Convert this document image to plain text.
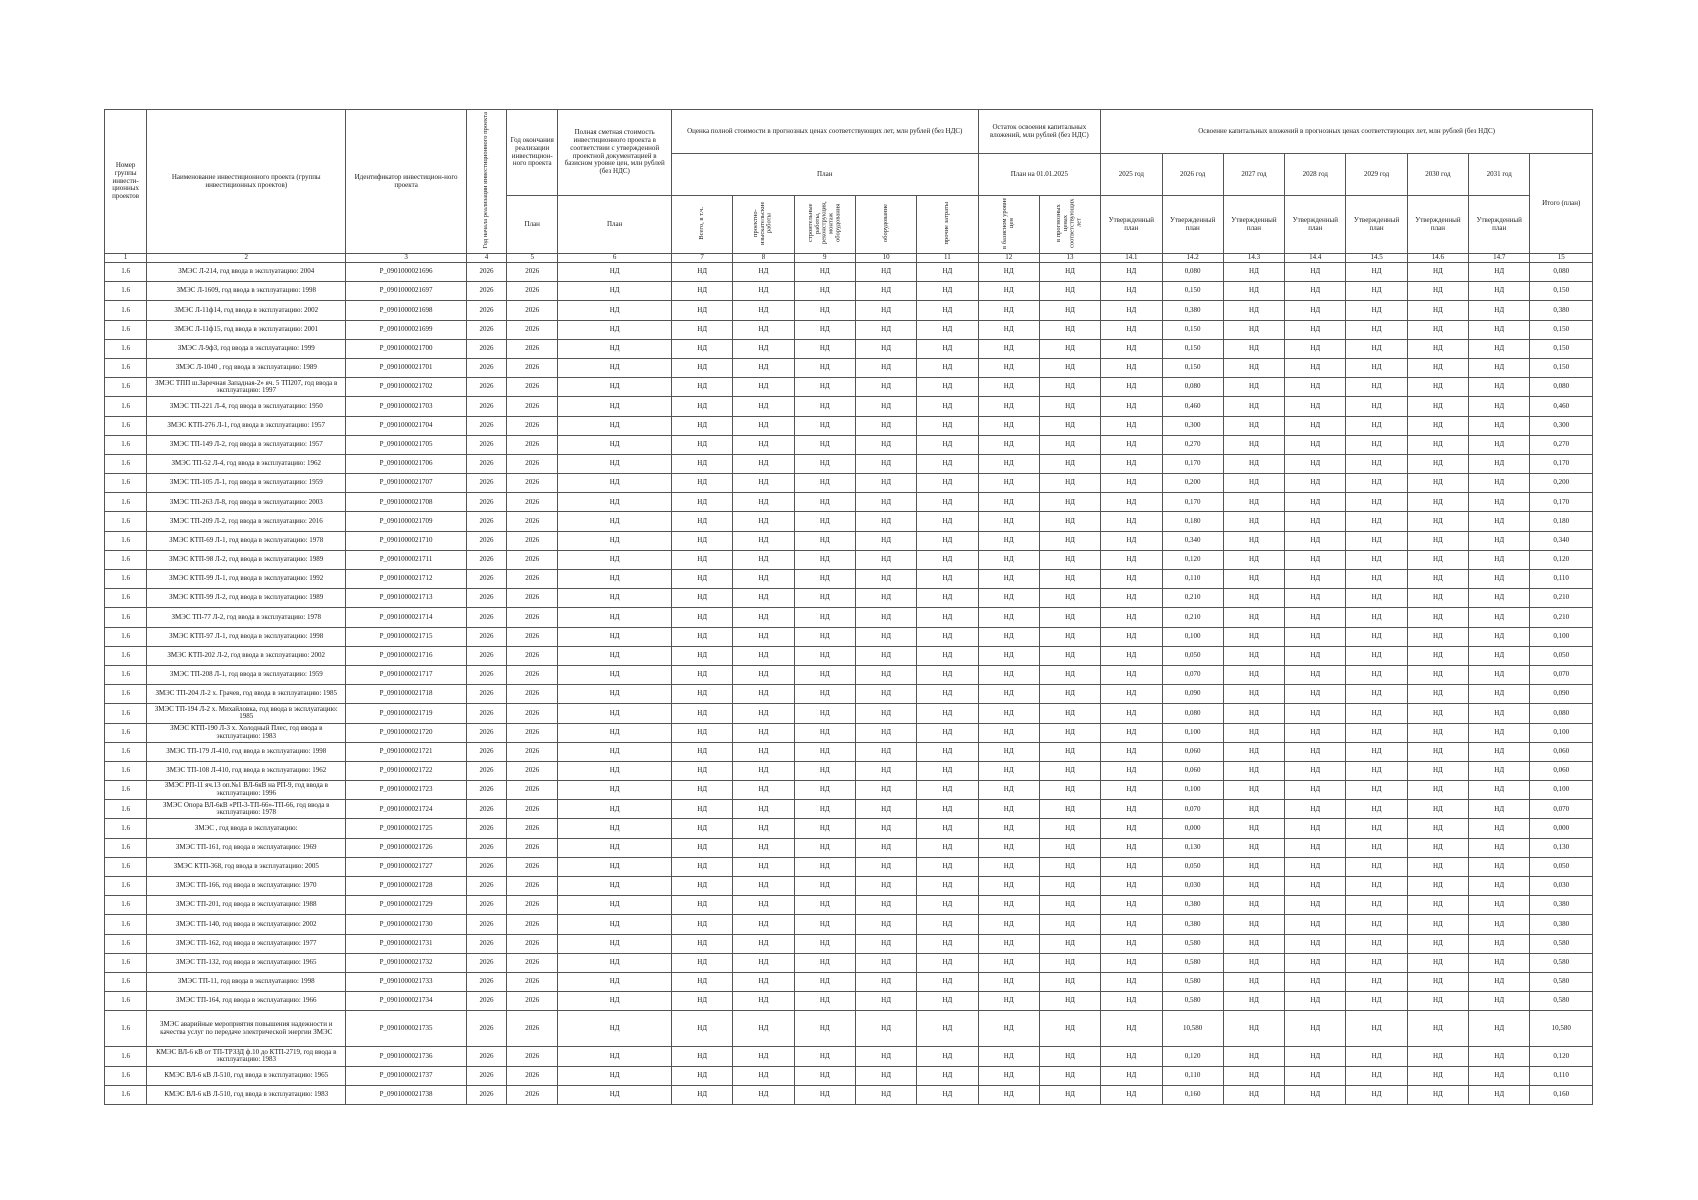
Номер группы инвести-ционных проектов	Наименование инвестиционного проекта (группы инвестиционных проектов)	Идентификатор инвестицион-ного проекта	Год начала реализации инвестиционного проекта	Год окончания реализации инвестицион-ного проекта	Полная сметная стоимость инвестиционного проекта в соответствии с утвержденной проектной документацией в базисном уровне цен, млн рублей (без НДС)	Оценка полной стоимости в прогнозных ценах соответствующих лет, млн рублей (без НДС)					Остаток освоения капитальных вложений, млн рублей (без НДС)		Освоение капитальных вложений в прогнозных ценах соответствующих лет, млн рублей (без НДС)							
						План					План на 01.01.2025		2025 год	2026 год	2027 год	2028 год	2029 год	2030 год	2031 год	Итого (план)
				План	План	Всего, в т.ч.	проектно-изыскательские работы	строительные работы, реконструкция, монтаж оборудования	оборудование	прочие затраты	в базисном уровне цен	в прогнозных ценах соответствующих лет	Утвержденный план	Утвержденный план	Утвержденный план	Утвержденный план	Утвержденный план	Утвержденный план	Утвержденный план	
1	2	3	4	5	6	7	8	9	10	11	12	13	14.1	14.2	14.3	14.4	14.5	14.6	14.7	15
1.6	ЗМЭС Л-214, год ввода в эксплуатацию: 2004	P_0901000021696	2026	2026	НД	НД	НД	НД	НД	НД	НД	НД	НД	0,080	НД	НД	НД	НД	НД	0,080
1.6	ЗМЭС Л-1609, год ввода в эксплуатацию: 1998	P_0901000021697	2026	2026	НД	НД	НД	НД	НД	НД	НД	НД	НД	0,150	НД	НД	НД	НД	НД	0,150
1.6	ЗМЭС Л-11ф14, год ввода в эксплуатацию: 2002	P_0901000021698	2026	2026	НД	НД	НД	НД	НД	НД	НД	НД	НД	0,380	НД	НД	НД	НД	НД	0,380
1.6	ЗМЭС Л-11ф15, год ввода в эксплуатацию: 2001	P_0901000021699	2026	2026	НД	НД	НД	НД	НД	НД	НД	НД	НД	0,150	НД	НД	НД	НД	НД	0,150
1.6	ЗМЭС Л-9ф3, год ввода в эксплуатацию: 1999	P_0901000021700	2026	2026	НД	НД	НД	НД	НД	НД	НД	НД	НД	0,150	НД	НД	НД	НД	НД	0,150
1.6	ЗМЭС Л-1040 , год ввода в эксплуатацию: 1989	P_0901000021701	2026	2026	НД	НД	НД	НД	НД	НД	НД	НД	НД	0,150	НД	НД	НД	НД	НД	0,150
1.6	ЗМЭС ТПП ш.Заречная Западная-2» яч. 5 ТП207, год ввода в эксплуатацию: 1997	P_0901000021702	2026	2026	НД	НД	НД	НД	НД	НД	НД	НД	НД	0,080	НД	НД	НД	НД	НД	0,080
1.6	ЗМЭС ТП-221 Л-4, год ввода в эксплуатацию: 1950	P_0901000021703	2026	2026	НД	НД	НД	НД	НД	НД	НД	НД	НД	0,460	НД	НД	НД	НД	НД	0,460
1.6	ЗМЭС КТП-276 Л-1, год ввода в эксплуатацию: 1957	P_0901000021704	2026	2026	НД	НД	НД	НД	НД	НД	НД	НД	НД	0,300	НД	НД	НД	НД	НД	0,300
1.6	ЗМЭС ТП-149 Л-2, год ввода в эксплуатацию: 1957	P_0901000021705	2026	2026	НД	НД	НД	НД	НД	НД	НД	НД	НД	0,270	НД	НД	НД	НД	НД	0,270
1.6	ЗМЭС ТП-52 Л-4, год ввода в эксплуатацию: 1962	P_0901000021706	2026	2026	НД	НД	НД	НД	НД	НД	НД	НД	НД	0,170	НД	НД	НД	НД	НД	0,170
1.6	ЗМЭС ТП-105 Л-1, год ввода в эксплуатацию: 1959	P_0901000021707	2026	2026	НД	НД	НД	НД	НД	НД	НД	НД	НД	0,200	НД	НД	НД	НД	НД	0,200
1.6	ЗМЭС ТП-263 Л-8, год ввода в эксплуатацию: 2003	P_0901000021708	2026	2026	НД	НД	НД	НД	НД	НД	НД	НД	НД	0,170	НД	НД	НД	НД	НД	0,170
1.6	ЗМЭС ТП-209 Л-2, год ввода в эксплуатацию: 2016	P_0901000021709	2026	2026	НД	НД	НД	НД	НД	НД	НД	НД	НД	0,180	НД	НД	НД	НД	НД	0,180
1.6	ЗМЭС КТП-69 Л-1, год ввода в эксплуатацию: 1978	P_0901000021710	2026	2026	НД	НД	НД	НД	НД	НД	НД	НД	НД	0,340	НД	НД	НД	НД	НД	0,340
1.6	ЗМЭС КТП-98 Л-2, год ввода в эксплуатацию: 1989	P_0901000021711	2026	2026	НД	НД	НД	НД	НД	НД	НД	НД	НД	0,120	НД	НД	НД	НД	НД	0,120
1.6	ЗМЭС КТП-99 Л-1, год ввода в эксплуатацию: 1992	P_0901000021712	2026	2026	НД	НД	НД	НД	НД	НД	НД	НД	НД	0,110	НД	НД	НД	НД	НД	0,110
1.6	ЗМЭС КТП-99 Л-2, год ввода в эксплуатацию: 1989	P_0901000021713	2026	2026	НД	НД	НД	НД	НД	НД	НД	НД	НД	0,210	НД	НД	НД	НД	НД	0,210
1.6	ЗМЭС ТП-77 Л-2, год ввода в эксплуатацию: 1978	P_0901000021714	2026	2026	НД	НД	НД	НД	НД	НД	НД	НД	НД	0,210	НД	НД	НД	НД	НД	0,210
1.6	ЗМЭС КТП-97 Л-1, год ввода в эксплуатацию: 1998	P_0901000021715	2026	2026	НД	НД	НД	НД	НД	НД	НД	НД	НД	0,100	НД	НД	НД	НД	НД	0,100
1.6	ЗМЭС КТП-202 Л-2, год ввода в эксплуатацию: 2002	P_0901000021716	2026	2026	НД	НД	НД	НД	НД	НД	НД	НД	НД	0,050	НД	НД	НД	НД	НД	0,050
1.6	ЗМЭС ТП-208 Л-1, год ввода в эксплуатацию: 1959	P_0901000021717	2026	2026	НД	НД	НД	НД	НД	НД	НД	НД	НД	0,070	НД	НД	НД	НД	НД	0,070
1.6	ЗМЭС ТП-204 Л-2 х. Грачев, год ввода в эксплуатацию: 1985	P_0901000021718	2026	2026	НД	НД	НД	НД	НД	НД	НД	НД	НД	0,090	НД	НД	НД	НД	НД	0,090
1.6	ЗМЭС ТП-194 Л-2 х. Михайловка, год ввода в эксплуатацию: 1985	P_0901000021719	2026	2026	НД	НД	НД	НД	НД	НД	НД	НД	НД	0,080	НД	НД	НД	НД	НД	0,080
1.6	ЗМЭС КТП-190 Л-3 х. Холодный Плес, год ввода в эксплуатацию: 1983	P_0901000021720	2026	2026	НД	НД	НД	НД	НД	НД	НД	НД	НД	0,100	НД	НД	НД	НД	НД	0,100
1.6	ЗМЭС ТП-179 Л-410, год ввода в эксплуатацию: 1998	P_0901000021721	2026	2026	НД	НД	НД	НД	НД	НД	НД	НД	НД	0,060	НД	НД	НД	НД	НД	0,060
1.6	ЗМЭС ТП-108 Л-410, год ввода в эксплуатацию: 1962	P_0901000021722	2026	2026	НД	НД	НД	НД	НД	НД	НД	НД	НД	0,060	НД	НД	НД	НД	НД	0,060
1.6	ЗМЭС РП-11 яч.13 оп.№1 ВЛ-6кВ на РП-9, год ввода в эксплуатацию: 1996	P_0901000021723	2026	2026	НД	НД	НД	НД	НД	НД	НД	НД	НД	0,100	НД	НД	НД	НД	НД	0,100
1.6	ЗМЭС Опора ВЛ-6кВ «РП-3-ТП-66»-ТП-66, год ввода в эксплуатацию: 1978	P_0901000021724	2026	2026	НД	НД	НД	НД	НД	НД	НД	НД	НД	0,070	НД	НД	НД	НД	НД	0,070
1.6	ЗМЭС , год ввода в эксплуатацию:	P_0901000021725	2026	2026	НД	НД	НД	НД	НД	НД	НД	НД	НД	0,000	НД	НД	НД	НД	НД	0,000
1.6	ЗМЭС ТП-161, год ввода в эксплуатацию: 1969	P_0901000021726	2026	2026	НД	НД	НД	НД	НД	НД	НД	НД	НД	0,130	НД	НД	НД	НД	НД	0,130
1.6	ЗМЭС КТП-368, год ввода в эксплуатацию: 2005	P_0901000021727	2026	2026	НД	НД	НД	НД	НД	НД	НД	НД	НД	0,050	НД	НД	НД	НД	НД	0,050
1.6	ЗМЭС ТП-166, год ввода в эксплуатацию: 1970	P_0901000021728	2026	2026	НД	НД	НД	НД	НД	НД	НД	НД	НД	0,030	НД	НД	НД	НД	НД	0,030
1.6	ЗМЭС ТП-201, год ввода в эксплуатацию: 1988	P_0901000021729	2026	2026	НД	НД	НД	НД	НД	НД	НД	НД	НД	0,380	НД	НД	НД	НД	НД	0,380
1.6	ЗМЭС ТП-140, год ввода в эксплуатацию: 2002	P_0901000021730	2026	2026	НД	НД	НД	НД	НД	НД	НД	НД	НД	0,380	НД	НД	НД	НД	НД	0,380
1.6	ЗМЭС ТП-162, год ввода в эксплуатацию: 1977	P_0901000021731	2026	2026	НД	НД	НД	НД	НД	НД	НД	НД	НД	0,580	НД	НД	НД	НД	НД	0,580
1.6	ЗМЭС ТП-132, год ввода в эксплуатацию: 1965	P_0901000021732	2026	2026	НД	НД	НД	НД	НД	НД	НД	НД	НД	0,580	НД	НД	НД	НД	НД	0,580
1.6	ЗМЭС ТП-11, год ввода в эксплуатацию: 1998	P_0901000021733	2026	2026	НД	НД	НД	НД	НД	НД	НД	НД	НД	0,580	НД	НД	НД	НД	НД	0,580
1.6	ЗМЭС ТП-164, год ввода в эксплуатацию: 1966	P_0901000021734	2026	2026	НД	НД	НД	НД	НД	НД	НД	НД	НД	0,580	НД	НД	НД	НД	НД	0,580
1.6	ЗМЭС аварийные мероприятия повышения надежности и качества услуг по передаче электрической энергии ЗМЭС	P_0901000021735	2026	2026	НД	НД	НД	НД	НД	НД	НД	НД	НД	10,580	НД	НД	НД	НД	НД	10,580
1.6	КМЭС ВЛ-6 кВ от ТП-ТРЗЗД ф.10 до КТП-2719, год ввода в эксплуатацию: 1983	P_0901000021736	2026	2026	НД	НД	НД	НД	НД	НД	НД	НД	НД	0,120	НД	НД	НД	НД	НД	0,120
1.6	КМЭС ВЛ-6 кВ Л-510, год ввода в эксплуатацию: 1965	P_0901000021737	2026	2026	НД	НД	НД	НД	НД	НД	НД	НД	НД	0,110	НД	НД	НД	НД	НД	0,110
1.6	КМЭС ВЛ-6 кВ Л-510, год ввода в эксплуатацию: 1983	P_0901000021738	2026	2026	НД	НД	НД	НД	НД	НД	НД	НД	НД	0,160	НД	НД	НД	НД	НД	0,160
